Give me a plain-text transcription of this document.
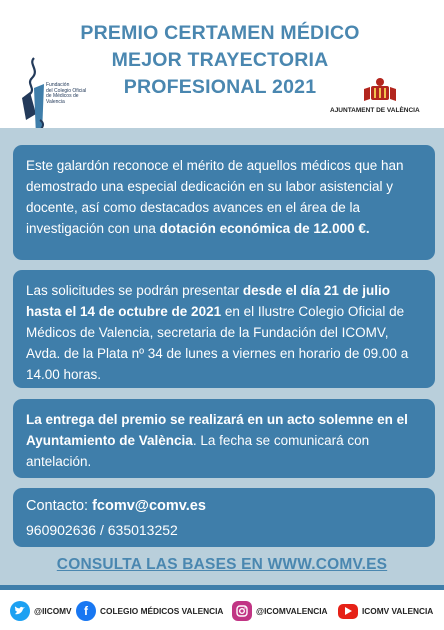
PREMIO CERTAMEN MÉDICO
MEJOR TRAYECTORIA
PROFESIONAL 2021
Fundación
del Colegio Oficial
de Médicos de
Valencia
AJUNTAMENT DE VALÈNCIA
Este galardón reconoce el mérito de aquellos médicos que han demostrado una especial dedicación en su labor asistencial y docente, así como destacados avances en el área de la investigación con una dotación económica de 12.000 €.
Las solicitudes se podrán presentar desde el día 21 de julio hasta el 14 de octubre de 2021 en el Ilustre Colegio Oficial de Médicos de Valencia, secretaria de la Fundación del ICOMV, Avda. de la Plata nº 34 de lunes a viernes en horario de 09.00 a 14.00 horas.
La entrega del premio se realizará en un acto solemne en el Ayuntamiento de València. La fecha se comunicará con antelación.
Contacto: fcomv@comv.es
960902636 / 635013252
CONSULTA LAS BASES EN WWW.COMV.ES
@IICOMV	f	COLEGIO MÉDICOS VALENCIA	@ICOMVALENCIA	ICOMV VALENCIA
